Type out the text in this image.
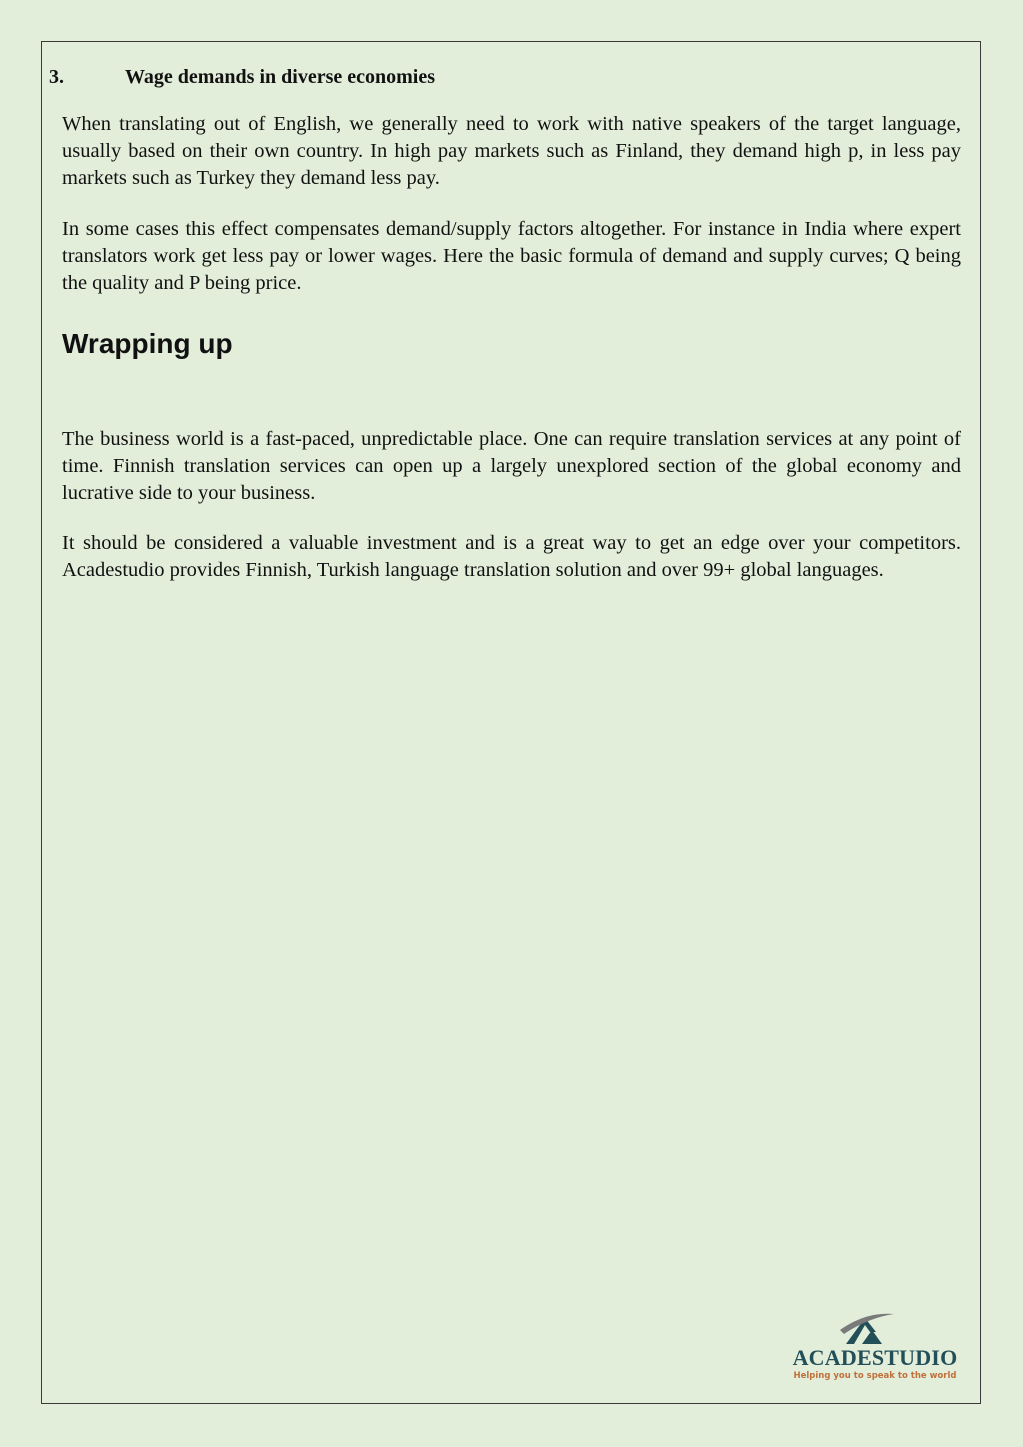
3.	Wage demands in diverse economies

When translating out of English, we generally need to work with native speakers of the target language, usually based on their own country. In high pay markets such as Finland, they demand high p, in less pay markets such as Turkey they demand less pay.

In some cases this effect compensates demand/supply factors altogether. For instance in India where expert translators work get less pay or lower wages. Here the basic formula of demand and supply curves; Q being the quality and P being price.

Wrapping up

The business world is a fast-paced, unpredictable place. One can require translation services at any point of time. Finnish translation services can open up a largely unexplored section of the global economy and lucrative side to your business.

It should be considered a valuable investment and is a great way to get an edge over your competitors. Acadestudio provides Finnish, Turkish language translation solution and over 99+ global languages.

ACADESTUDIO
Helping you to speak to the world
